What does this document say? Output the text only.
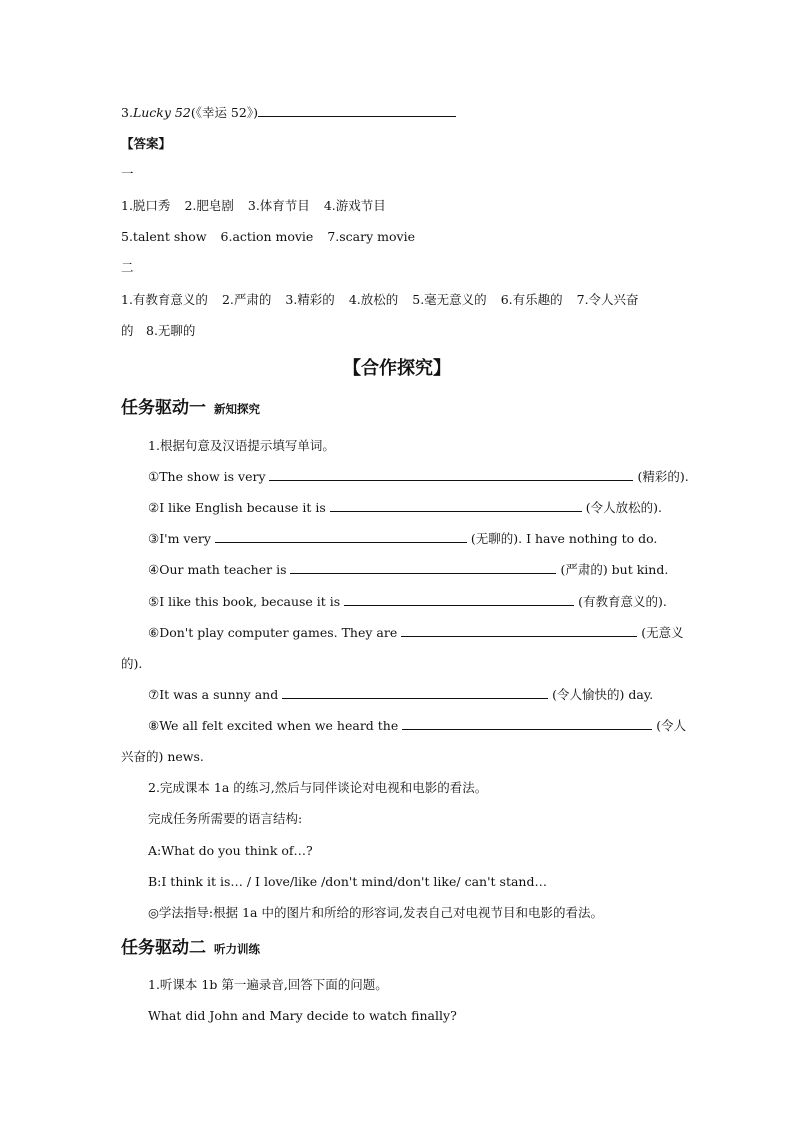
3.Lucky 52(《幸运 52》)
【答案】
一
1.脱口秀 2.肥皂剧 3.体育节目 4.游戏节目
5.talent show 6.action movie 7.scary movie
二
1.有教育意义的 2.严肃的 3.精彩的 4.放松的 5.毫无意义的 6.有乐趣的 7.令人兴奋
的　8.无聊的
【合作探究】
任务驱动一 新知探究
1.根据句意及汉语提示填写单词。
①The show is very	(精彩的).
②I like English because it is	(令人放松的).
③I'm very	(无聊的). I have nothing to do.
④Our math teacher is	(严肃的) but kind.
⑤I like this book, because it is	(有教育意义的).
⑥Don't play computer games. They are	(无意义
的).
⑦It was a sunny and	(令人愉快的) day.
⑧We all felt excited when we heard the	(令人
兴奋的) news.
2.完成课本 1a 的练习,然后与同伴谈论对电视和电影的看法。
完成任务所需要的语言结构:
A:What do you think of…?
B:I think it is… / I love/like /don't mind/don't like/ can't stand…
◎学法指导:根据 1a 中的图片和所给的形容词,发表自己对电视节目和电影的看法。
任务驱动二 听力训练
1.听课本 1b 第一遍录音,回答下面的问题。
What did John and Mary decide to watch finally?
